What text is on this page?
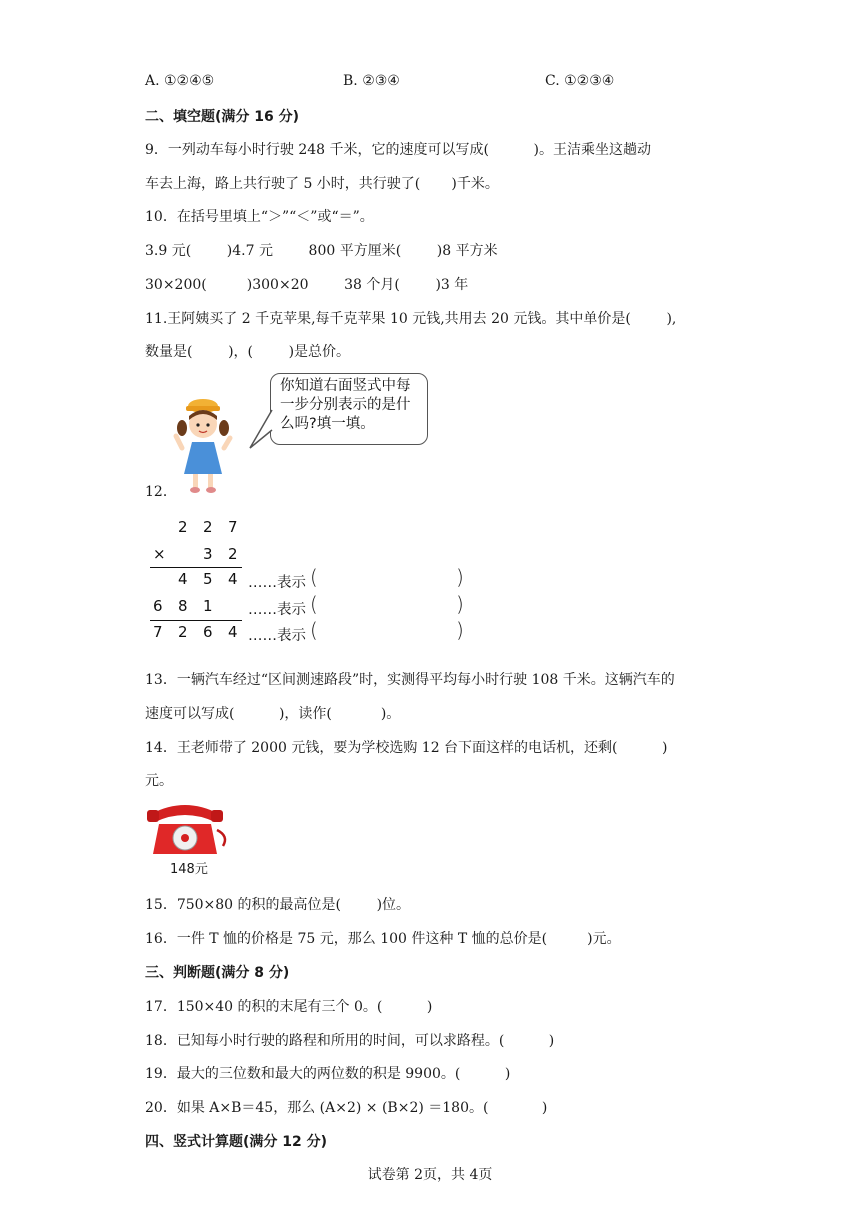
A. ①②④⑤	B. ②③④	C. ①②③④
二、填空题(满分 16 分)
9．一列动车每小时行驶 248 千米，它的速度可以写成(          )。王洁乘坐这趟动
车去上海，路上共行驶了 5 小时，共行驶了(       )千米。
10．在括号里填上“＞”“＜”或“＝”。
3.9 元(        )4.7 元        800 平方厘米(        )8 平方米
30×200(         )300×20        38 个月(        )3 年
11.王阿姨买了 2 千克苹果,每千克苹果 10 元钱,共用去 20 元钱。其中单价是(        ),
数量是(        )，(        )是总价。
你知道右面竖式中每一步分别表示的是什么吗?填一填。
12．
2 2 7
× 3 2
4 5 4
6 8 1
7 2 6 4
……表示 (	)
……表示 (	)
……表示 (	)
13．一辆汽车经过“区间测速路段”时，实测得平均每小时行驶 108 千米。这辆汽车的
速度可以写成(          )，读作(           )。
14．王老师带了 2000 元钱，要为学校选购 12 台下面这样的电话机，还剩(          )
元。
148元
15．750×80 的积的最高位是(        )位。
16．一件 T 恤的价格是 75 元，那么 100 件这种 T 恤的总价是(         )元。
三、判断题(满分 8 分)
17．150×40 的积的末尾有三个 0。(          )
18．已知每小时行驶的路程和所用的时间，可以求路程。(          )
19．最大的三位数和最大的两位数的积是 9900。(          )
20．如果 A×B＝45，那么 (A×2) × (B×2) ＝180。(            )
四、竖式计算题(满分 12 分)
试卷第 2页，共 4页
